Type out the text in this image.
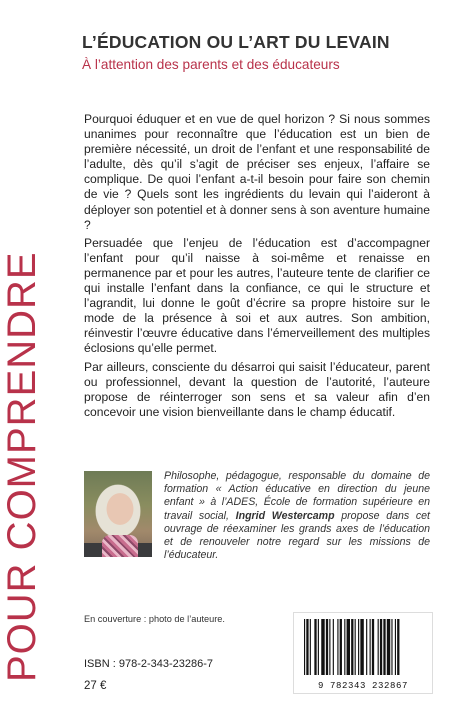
POUR COMPRENDRE
L’ÉDUCATION OU L’ART DU LEVAIN
À l’attention des parents et des éducateurs

Pourquoi éduquer et en vue de quel horizon ? Si nous sommes unanimes pour reconnaître que l’éducation est un bien de première nécessité, un droit de l’enfant et une responsabilité de l’adulte, dès qu’il s’agit de préciser ses enjeux, l’affaire se complique. De quoi l’enfant a-t-il besoin pour faire son chemin de vie ? Quels sont les ingrédients du levain qui l’aideront à déployer son potentiel et à donner sens à son aventure humaine ?

Persuadée que l’enjeu de l’éducation est d’accompagner l’enfant pour qu’il naisse à soi-même et renaisse en permanence par et pour les autres, l’auteure tente de clarifier ce qui installe l’enfant dans la confiance, ce qui le structure et l’agrandit, lui donne le goût d’écrire sa propre histoire sur le mode de la présence à soi et aux autres. Son ambition, réinvestir l’œuvre éducative dans l’émerveillement des multiples éclosions qu’elle permet.

Par ailleurs, consciente du désarroi qui saisit l’éducateur, parent ou professionnel, devant la question de l’autorité, l’auteure propose de réinterroger son sens et sa valeur afin d’en concevoir une vision bienveillante dans le champ éducatif.

Philosophe, pédagogue, responsable du domaine de formation « Action éducative en direction du jeune enfant » à l’ADES, École de formation supérieure en travail social, Ingrid Westercamp propose dans cet ouvrage de réexaminer les grands axes de l’éducation et de renouveler notre regard sur les missions de l’éducateur.
En couverture : photo de l’auteure.
ISBN : 978-2-343-23286-7
27 €	9 782343 232867
